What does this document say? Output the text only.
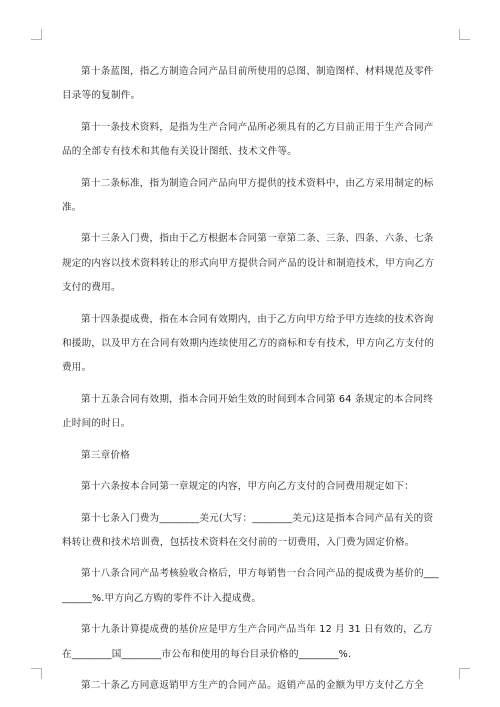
第十条蓝图，指乙方制造合同产品目前所使用的总图、制造图样、材料规范及零件目录等的复制件。

第十一条技术资料，是指为生产合同产品所必须具有的乙方目前正用于生产合同产品的全部专有技术和其他有关设计图纸、技术文件等。

第十二条标准，指为制造合同产品向甲方提供的技术资料中，由乙方采用制定的标准。

第十三条入门费，指由于乙方根据本合同第一章第二条、三条、四条、六条、七条规定的内容以技术资料转让的形式向甲方提供合同产品的设计和制造技术，甲方向乙方支付的费用。

第十四条提成费，指在本合同有效期内，由于乙方向甲方给予甲方连续的技术咨询和援助，以及甲方在合同有效期内连续使用乙方的商标和专有技术，甲方向乙方支付的费用。

第十五条合同有效期，指本合同开始生效的时间到本合同第 64 条规定的本合同终止时间的时日。

第三章价格

第十六条按本合同第一章规定的内容，甲方向乙方支付的合同费用规定如下：

第十七条入门费为________美元(大写：________美元)这是指本合同产品有关的资料转让费和技术培训费，包括技术资料在交付前的一切费用，入门费为固定价格。

第十八条合同产品考核验收合格后，甲方每销售一台合同产品的提成费为基价的_________%.甲方向乙方购的零件不计入提成费。

第十九条计算提成费的基价应是甲方生产合同产品当年 12 月 31 日有效的，乙方在________国________市公布和使用的每台目录价格的________%.

第二十条乙方同意返销甲方生产的合同产品。返销产品的金额为甲方支付乙方全
